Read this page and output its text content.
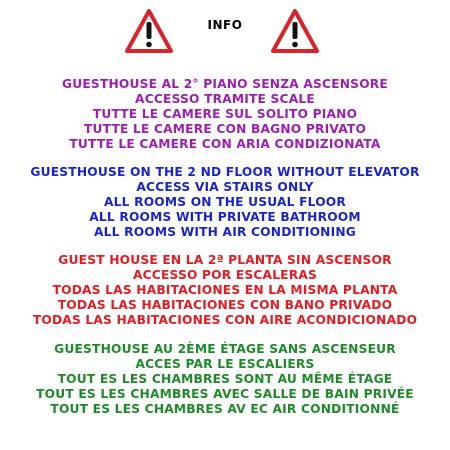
INFO
GUESTHOUSE AL 2° PIANO SENZA ASCENSORE
ACCESSO TRAMITE SCALE
TUTTE LE CAMERE SUL SOLITO PIANO
TUTTE LE CAMERE CON BAGNO PRIVATO
TUTTE LE CAMERE CON ARIA CONDIZIONATA
GUESTHOUSE ON THE 2 ND FLOOR WITHOUT ELEVATOR
ACCESS VIA STAIRS ONLY
ALL ROOMS ON THE USUAL FLOOR
ALL ROOMS WITH PRIVATE BATHROOM
ALL ROOMS WITH AIR CONDITIONING
GUEST HOUSE EN LA 2ª PLANTA SIN ASCENSOR
ACCESSO POR ESCALERAS
TODAS LAS HABITACIONES EN LA MISMA PLANTA
TODAS LAS HABITACIONES CON BANO PRIVADO
TODAS LAS HABITACIONES CON AIRE ACONDICIONADO
GUESTHOUSE AU 2ÈME ÉTAGE SANS ASCENSEUR
ACCES PAR LE ESCALIERS
TOUT ES LES CHAMBRES SONT AU MÊME ÉTAGE
TOUT ES LES CHAMBRES AVEC SALLE DE BAIN PRIVÉE
TOUT ES LES CHAMBRES AV EC AIR CONDITIONNÉ
